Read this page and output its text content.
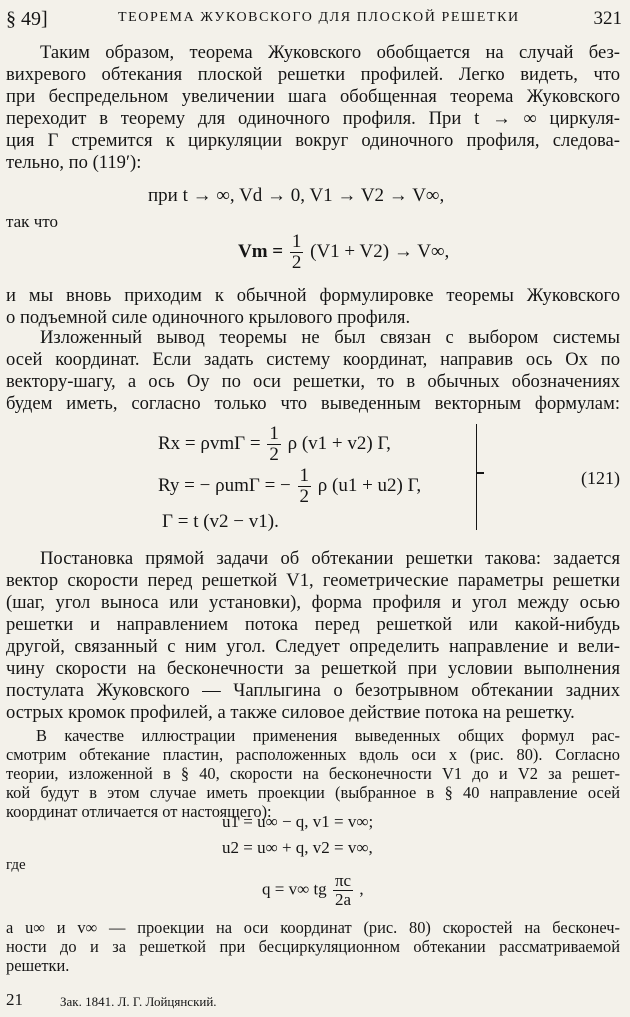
§ 49]	ТЕОРЕМА ЖУКОВСКОГО ДЛЯ ПЛОСКОЙ РЕШЕТКИ	321
Таким образом, теорема Жуковского обобщается на случай без-
вихревого обтекания плоской решетки профилей. Легко видеть, что
при беспредельном увеличении шага обобщенная теорема Жуковского
переходит в теорему для одиночного профиля. При t → ∞ циркуля-
ция Г стремится к циркуляции вокруг одиночного профиля, следова-
тельно, по (119′):
при t → ∞, Vd → 0, V1 → V2 → V∞,
так что
$Vm = \frac{1}{2} (V1 + V2) \to V\infty$,
и мы вновь приходим к обычной формулировке теоремы Жуковского
о подъемной силе одиночного крылового профиля.
Изложенный вывод теоремы не был связан с выбором системы
осей координат. Если задать систему координат, направив ось Ox по
вектору-шагу, а ось Oy по оси решетки, то в обычных обозначениях
будем иметь, согласно только что выведенным векторным формулам:
$Rx = \rho vm\Gamma = \frac{1}{2}$ ρ (v1 + v2) Γ,
Ry = − ρumΓ = − $\frac{1}{2}$ ρ (u1 + u2) Γ,
Γ = t (v2 − v1).
(121)
Постановка прямой задачи об обтекании решетки такова: задается
вектор скорости перед решеткой V1, геометрические параметры решетки
(шаг, угол выноса или установки), форма профиля и угол между осью
решетки и направлением потока перед решеткой или какой-нибудь
другой, связанный с ним угол. Следует определить направление и вели-
чину скорости на бесконечности за решеткой при условии выполнения
постулата Жуковского — Чаплыгина о безотрывном обтекании задних
острых кромок профилей, а также силовое действие потока на решетку.
В качестве иллюстрации применения выведенных общих формул рас-
смотрим обтекание пластин, расположенных вдоль оси x (рис. 80). Согласно
теории, изложенной в § 40, скорости на бесконечности V1 до и V2 за решет-
кой будут в этом случае иметь проекции (выбранное в § 40 направление осей
координат отличается от настоящего):
u1 = u∞ − q, v1 = v∞;
u2 = u∞ + q, v2 = v∞,
где
q = v∞ tg $\frac{\pi c}{2a}$ ,
а u∞ и v∞ — проекции на оси координат (рис. 80) скоростей на бесконеч-
ности до и за решеткой при бесциркуляционном обтекании рассматриваемой
решетки.
21	Зак. 1841. Л. Г. Лойцянский.
